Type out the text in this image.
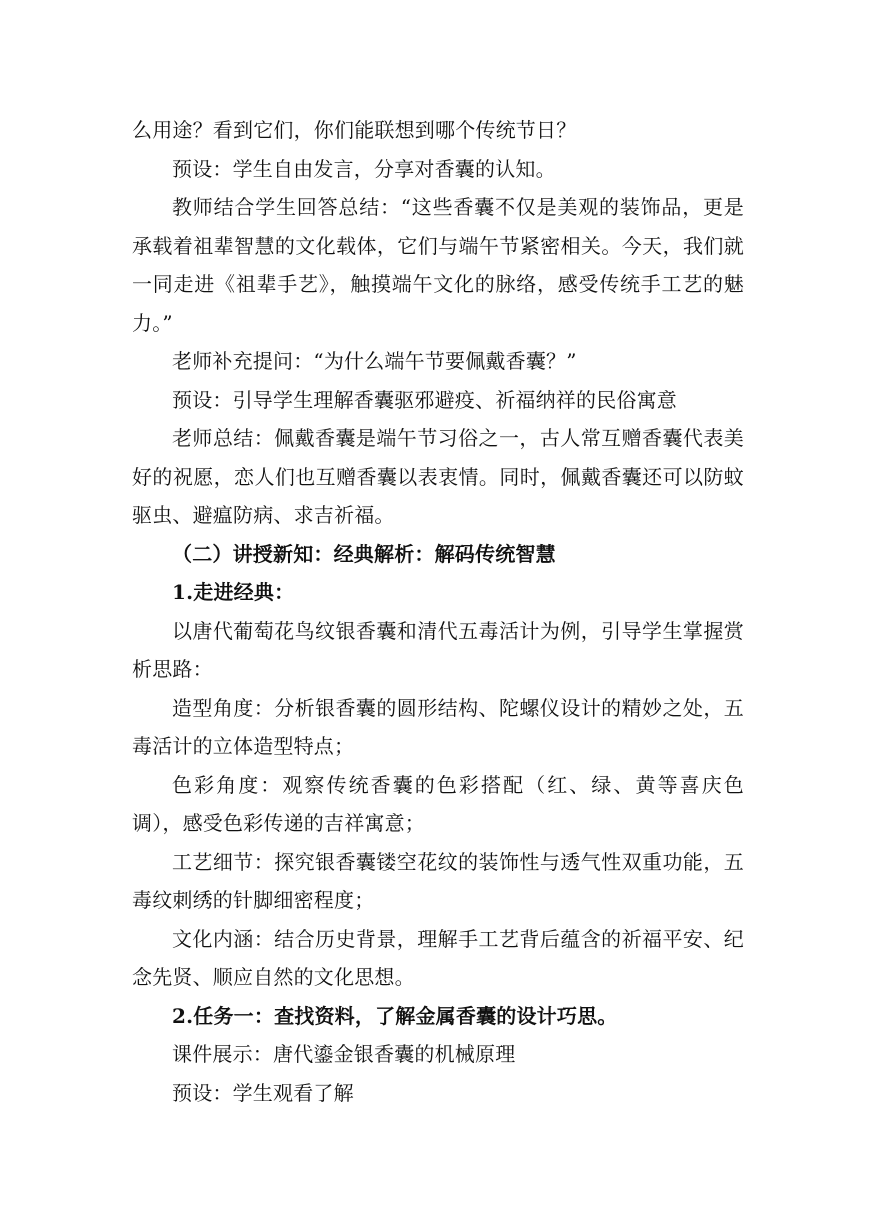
么用途？看到它们，你们能联想到哪个传统节日？

预设：学生自由发言，分享对香囊的认知。

教师结合学生回答总结：“这些香囊不仅是美观的装饰品，更是承载着祖辈智慧的文化载体，它们与端午节紧密相关。今天，我们就一同走进《祖辈手艺》，触摸端午文化的脉络，感受传统手工艺的魅力。”

老师补充提问：“为什么端午节要佩戴香囊？”

预设：引导学生理解香囊驱邪避疫、祈福纳祥的民俗寓意

老师总结：佩戴香囊是端午节习俗之一，古人常互赠香囊代表美好的祝愿，恋人们也互赠香囊以表衷情。同时，佩戴香囊还可以防蚊驱虫、避瘟防病、求吉祈福。

（二）讲授新知：经典解析：解码传统智慧

1.走进经典：

以唐代葡萄花鸟纹银香囊和清代五毒活计为例，引导学生掌握赏析思路：

造型角度：分析银香囊的圆形结构、陀螺仪设计的精妙之处，五毒活计的立体造型特点；

色彩角度：观察传统香囊的色彩搭配（红、绿、黄等喜庆色调），感受色彩传递的吉祥寓意；

工艺细节：探究银香囊镂空花纹的装饰性与透气性双重功能，五毒纹刺绣的针脚细密程度；

文化内涵：结合历史背景，理解手工艺背后蕴含的祈福平安、纪念先贤、顺应自然的文化思想。

2.任务一：查找资料，了解金属香囊的设计巧思。

课件展示：唐代鎏金银香囊的机械原理

预设：学生观看了解
